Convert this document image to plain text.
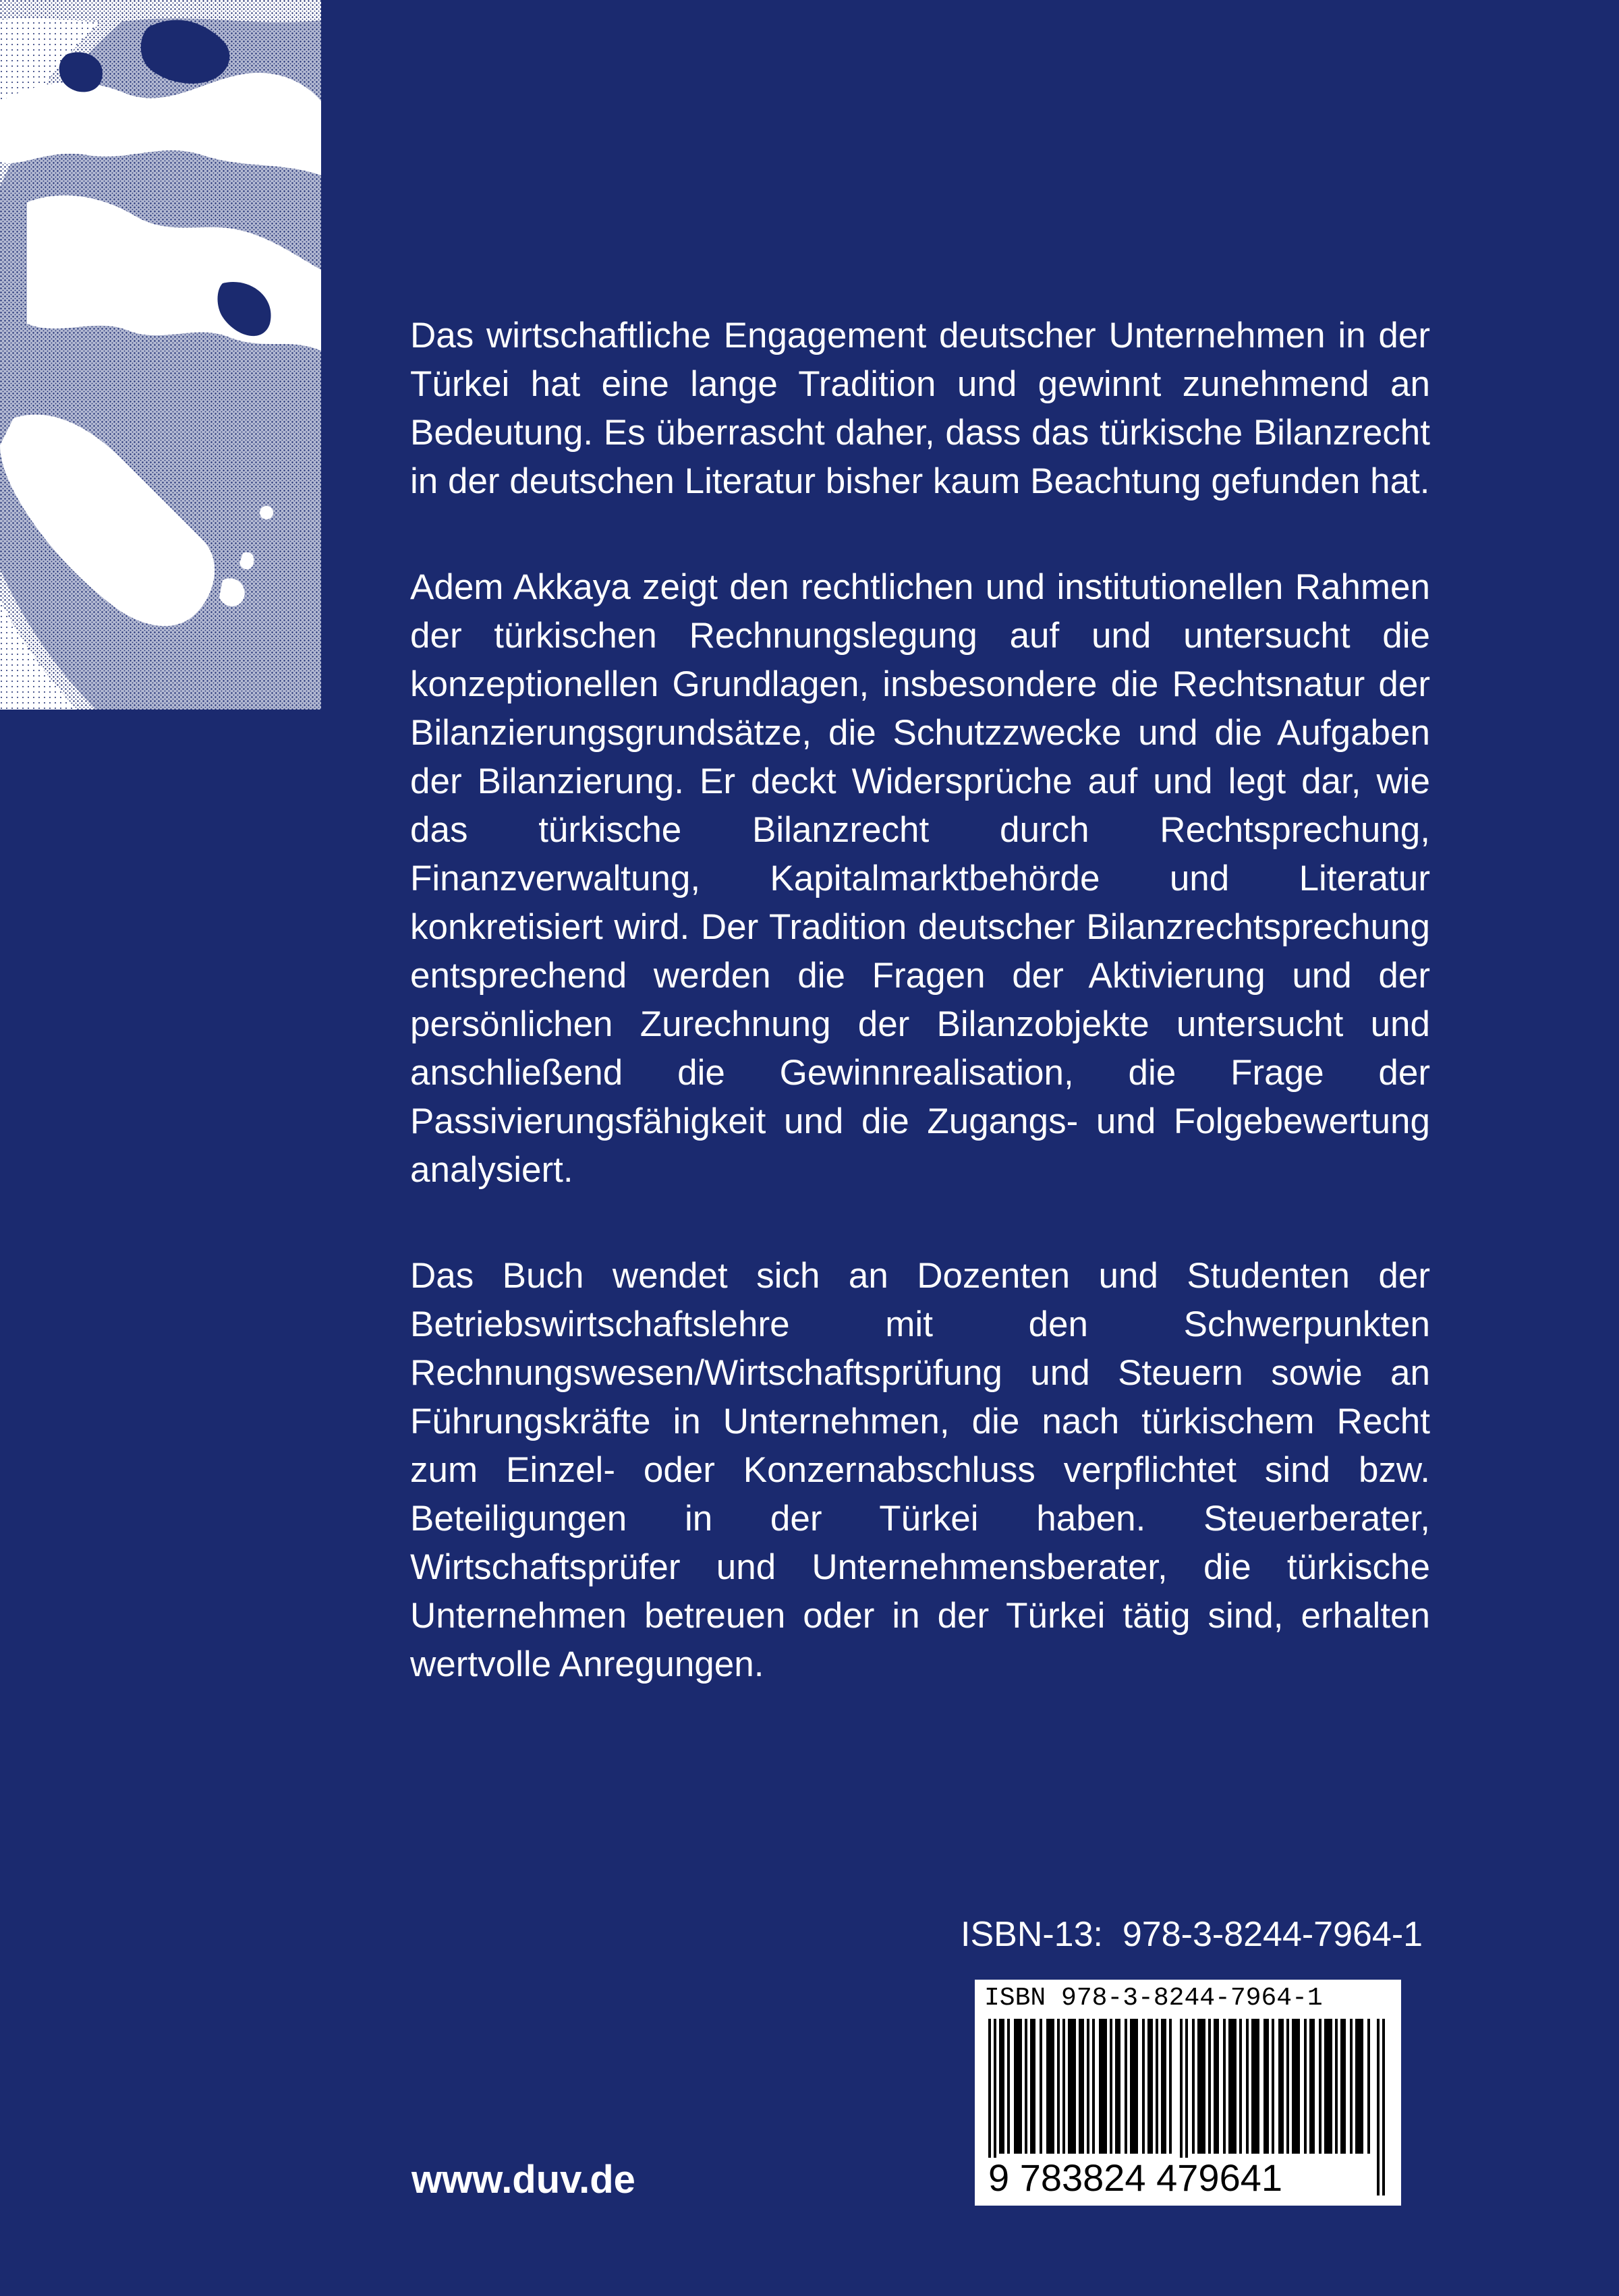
Das wirtschaftliche Engagement deutscher Unternehmen in der Türkei hat eine lange Tradition und gewinnt zunehmend an Bedeutung. Es überrascht daher, dass das türkische Bilanzrecht in der deutschen Literatur bisher kaum Beachtung gefunden hat.

Adem Akkaya zeigt den rechtlichen und institutionellen Rahmen der türkischen Rechnungslegung auf und untersucht die konzeptionellen Grundlagen, insbesondere die Rechtsnatur der Bilanzierungsgrundsätze, die Schutzzwecke und die Aufgaben der Bilanzierung. Er deckt Widersprüche auf und legt dar, wie das türkische Bilanzrecht durch Rechtsprechung, Finanzverwaltung, Kapitalmarktbehörde und Literatur konkretisiert wird. Der Tradition deutscher Bilanzrechtsprechung entsprechend werden die Fragen der Aktivierung und der persönlichen Zurechnung der Bilanzobjekte untersucht und anschließend die Gewinnrealisation, die Frage der Passivierungsfähigkeit und die Zugangs- und Folgebewertung analysiert.

Das Buch wendet sich an Dozenten und Studenten der Betriebswirtschaftslehre mit den Schwerpunkten Rechnungswesen/Wirtschaftsprüfung und Steuern sowie an Führungskräfte in Unternehmen, die nach türkischem Recht zum Einzel- oder Konzernabschluss verpflichtet sind bzw. Beteiligungen in der Türkei haben. Steuerberater, Wirtschaftsprüfer und Unternehmensberater, die türkische Unternehmen betreuen oder in der Türkei tätig sind, erhalten wertvolle Anregungen.

ISBN-13:  978-3-8244-7964-1
ISBN 978-3-8244-7964-1
9 783824 479641
www.duv.de
